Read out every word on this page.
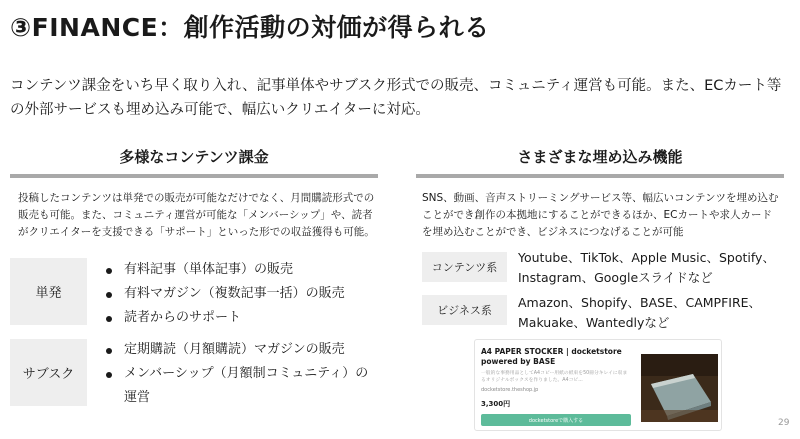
③FINANCE：創作活動の対価が得られる
コンテンツ課金をいち早く取り入れ、記事単体やサブスク形式での販売、コミュニティ運営も可能。また、ECカート等の外部サービスも埋め込み可能で、幅広いクリエイターに対応。
多様なコンテンツ課金
投稿したコンテンツは単発での販売が可能なだけでなく、月間購読形式での販売も可能。また、コミュニティ運営が可能な「メンバーシップ」や、読者がクリエイターを支援できる「サポート」といった形での収益獲得も可能。
単発
有料記事（単体記事）の販売
有料マガジン（複数記事一括）の販売
読者からのサポート
サブスク
定期購読（月額購読）マガジンの販売
メンバーシップ（月額制コミュニティ）の運営
さまざまな埋め込み機能
SNS、動画、音声ストリーミングサービス等、幅広いコンテンツを埋め込むことができ創作の本拠地にすることができるほか、ECカートや求人カードを埋め込むことができ、ビジネスにつなげることが可能
コンテンツ系
Youtube、TikTok、Apple Music、Spotify、Instagram、Googleスライドなど
ビジネス系
Amazon、Shopify、BASE、CAMPFIRE、Makuake、Wantedlyなど
A4 PAPER STOCKER | docketstore powered by BASE
一般的な事務用品としてA4コピー用紙の紙束を50冊分キレイに収まるオリジナルボックスを作りました。A4コピ...
docketstore.theshop.jp
3,300円
docketstoreで購入する	29
